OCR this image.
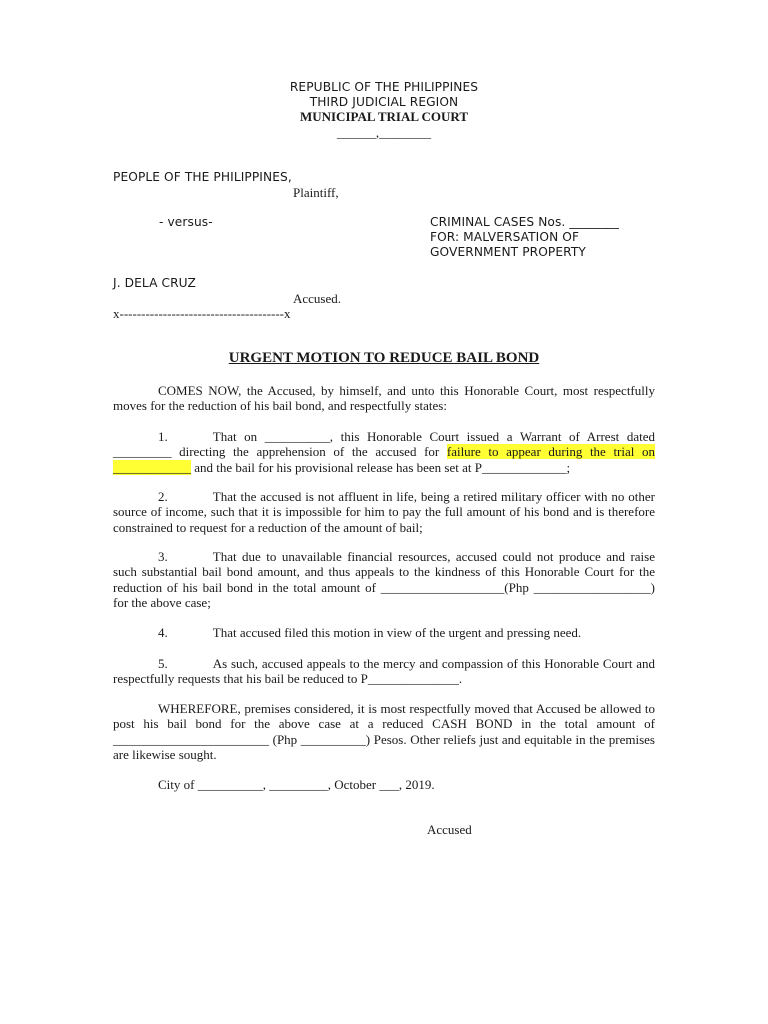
REPUBLIC OF THE PHILIPPINES
THIRD JUDICIAL REGION
MUNICIPAL TRIAL COURT
______,________
PEOPLE OF THE PHILIPPINES,
Plaintiff,
- versus-	CRIMINAL CASES Nos. ________
FOR: MALVERSATION OF
GOVERNMENT PROPERTY
J. DELA CRUZ
Accused.
x--------------------------------------x
URGENT MOTION TO REDUCE BAIL BOND
COMES NOW, the Accused, by himself, and unto this Honorable Court, most respectfully moves for the reduction of his bail bond, and respectfully states:
1.	That on __________, this Honorable Court issued a Warrant of Arrest dated _________ directing the apprehension of the accused for failure to appear during the trial on ____________ and the bail for his provisional release has been set at P_____________;
2.	That the accused is not affluent in life, being a retired military officer with no other source of income, such that it is impossible for him to pay the full amount of his bond and is therefore constrained to request for a reduction of the amount of bail;
3.	That due to unavailable financial resources, accused could not produce and raise such substantial bail bond amount, and thus appeals to the kindness of this Honorable Court for the reduction of his bail bond in the total amount of ___________________(Php __________________) for the above case;
4.	That accused filed this motion in view of the urgent and pressing need.
5.	As such, accused appeals to the mercy and compassion of this Honorable Court and respectfully requests that his bail be reduced to P______________.
WHEREFORE, premises considered, it is most respectfully moved that Accused be allowed to post his bail bond for the above case at a reduced CASH BOND in the total amount of ________________________ (Php __________) Pesos. Other reliefs just and equitable in the premises are likewise sought.
City of __________, _________, October ___, 2019.
Accused
